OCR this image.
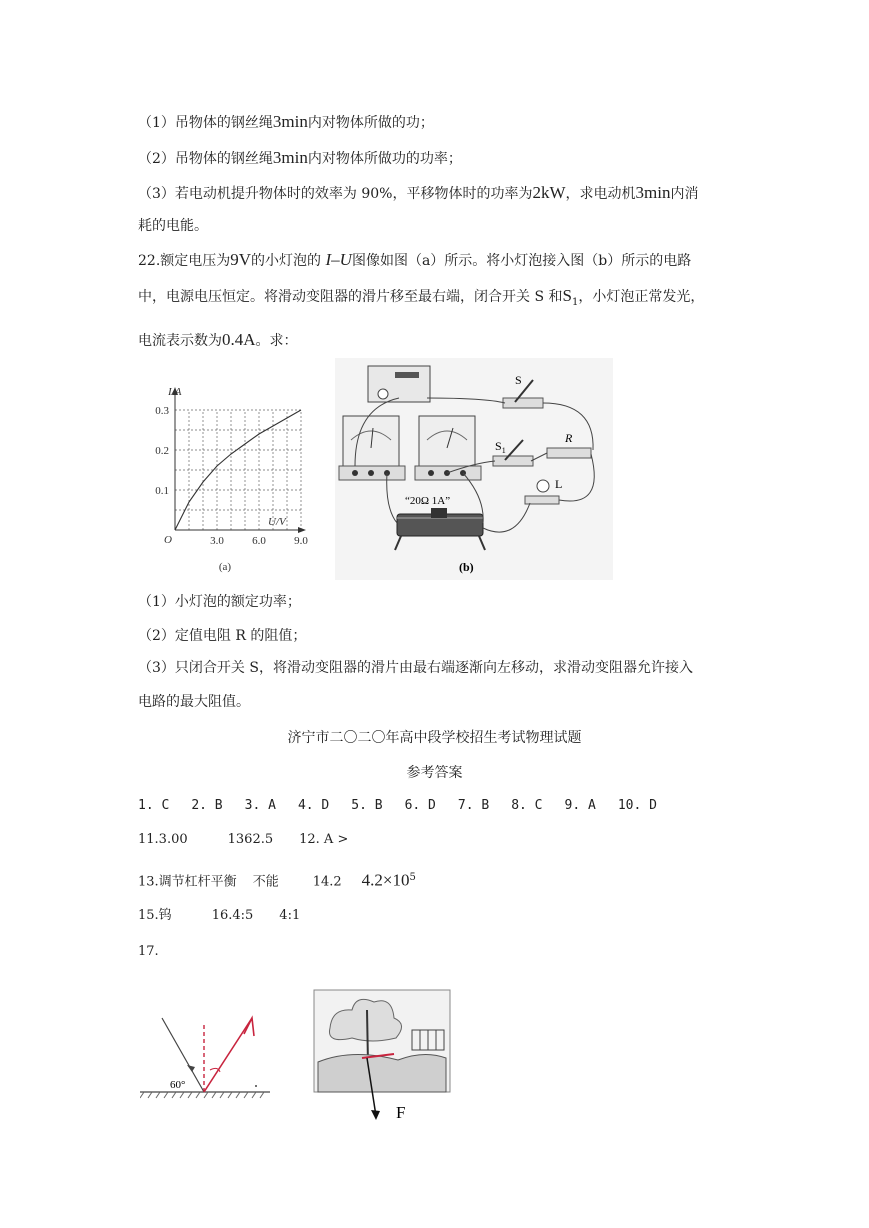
（1）吊物体的钢丝绳3min内对物体所做的功；
（2）吊物体的钢丝绳3min内对物体所做功的功率；
（3）若电动机提升物体时的效率为 90%，平移物体时的功率为2kW，求电动机3min内消
耗的电能。
22.额定电压为9V的小灯泡的 I–U图像如图（a）所示。将小灯泡接入图（b）所示的电路
中，电源电压恒定。将滑动变阻器的滑片移至最右端，闭合开关 S 和$S_1$，小灯泡正常发光，
电流表示数为0.4A。求：
I/A
U/V
O	3.0	6.0	9.0
0.1
0.2
0.3
(a)
S
$S_1$
R
L
“20Ω 1A”
(b)
（1）小灯泡的额定功率；
（2）定值电阻 R 的阻值；
（3）只闭合开关 S，将滑动变阻器的滑片由最右端逐渐向左移动，求滑动变阻器允许接入
电路的最大阻值。
济宁市二〇二〇年高中段学校招生考试物理试题
参考答案
1. C 2. B 3. A 4. D 5. B 6. D 7. B 8. C 9. A 10. D
11.3.00	1362.5 12. A >
13.调节杠杆平衡 不能	14.2 $4.2\times 10^5$
15.钨	16.4:5 4:1
17.
60°
F
